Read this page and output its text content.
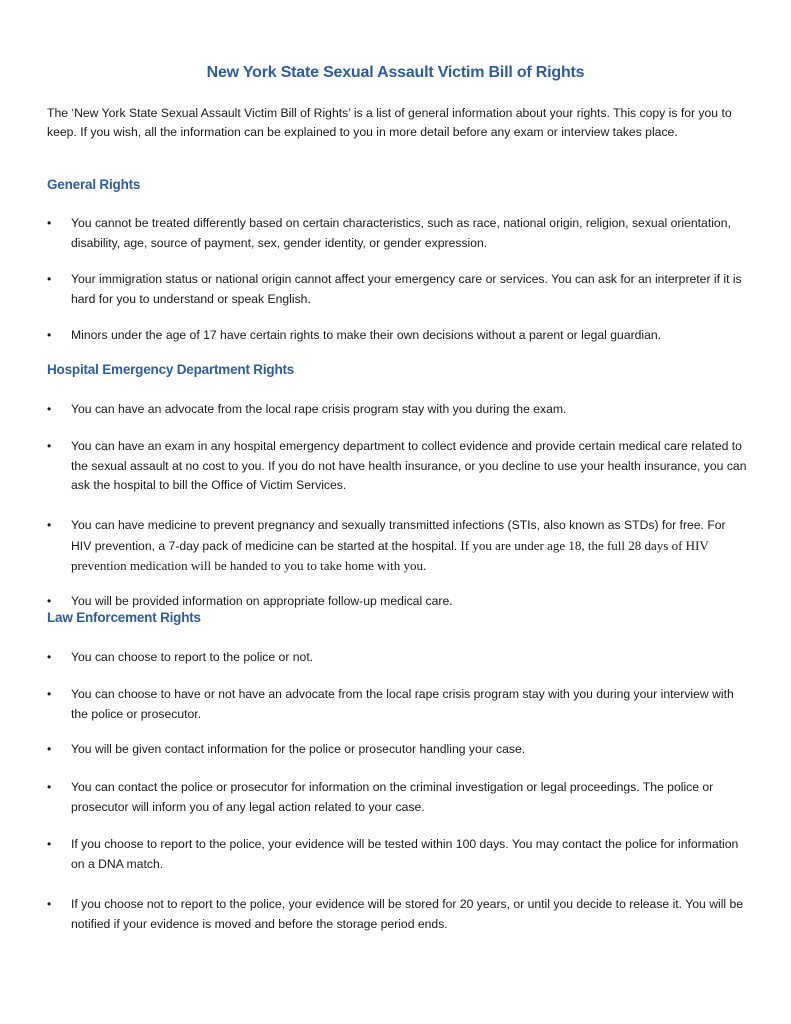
New York State Sexual Assault Victim Bill of Rights
The ‘New York State Sexual Assault Victim Bill of Rights’ is a list of general information about your rights. This copy is for you to keep. If you wish, all the information can be explained to you in more detail before any exam or interview takes place.
General Rights
•	You cannot be treated differently based on certain characteristics, such as race, national origin, religion, sexual orientation, disability, age, source of payment, sex, gender identity, or gender expression.
•	Your immigration status or national origin cannot affect your emergency care or services. You can ask for an interpreter if it is hard for you to understand or speak English.
•	Minors under the age of 17 have certain rights to make their own decisions without a parent or legal guardian.
Hospital Emergency Department Rights
•	You can have an advocate from the local rape crisis program stay with you during the exam.
•	You can have an exam in any hospital emergency department to collect evidence and provide certain medical care related to the sexual assault at no cost to you. If you do not have health insurance, or you decline to use your health insurance, you can ask the hospital to bill the Office of Victim Services.
•	You can have medicine to prevent pregnancy and sexually transmitted infections (STIs, also known as STDs) for free. For HIV prevention, a 7-day pack of medicine can be started at the hospital. If you are under age 18, the full 28 days of HIV prevention medication will be handed to you to take home with you.
•	You will be provided information on appropriate follow-up medical care.
Law Enforcement Rights
•	You can choose to report to the police or not.
•	You can choose to have or not have an advocate from the local rape crisis program stay with you during your interview with the police or prosecutor.
•	You will be given contact information for the police or prosecutor handling your case.
•	You can contact the police or prosecutor for information on the criminal investigation or legal proceedings. The police or prosecutor will inform you of any legal action related to your case.
•	If you choose to report to the police, your evidence will be tested within 100 days. You may contact the police for information on a DNA match.
•	If you choose not to report to the police, your evidence will be stored for 20 years, or until you decide to release it. You will be notified if your evidence is moved and before the storage period ends.
